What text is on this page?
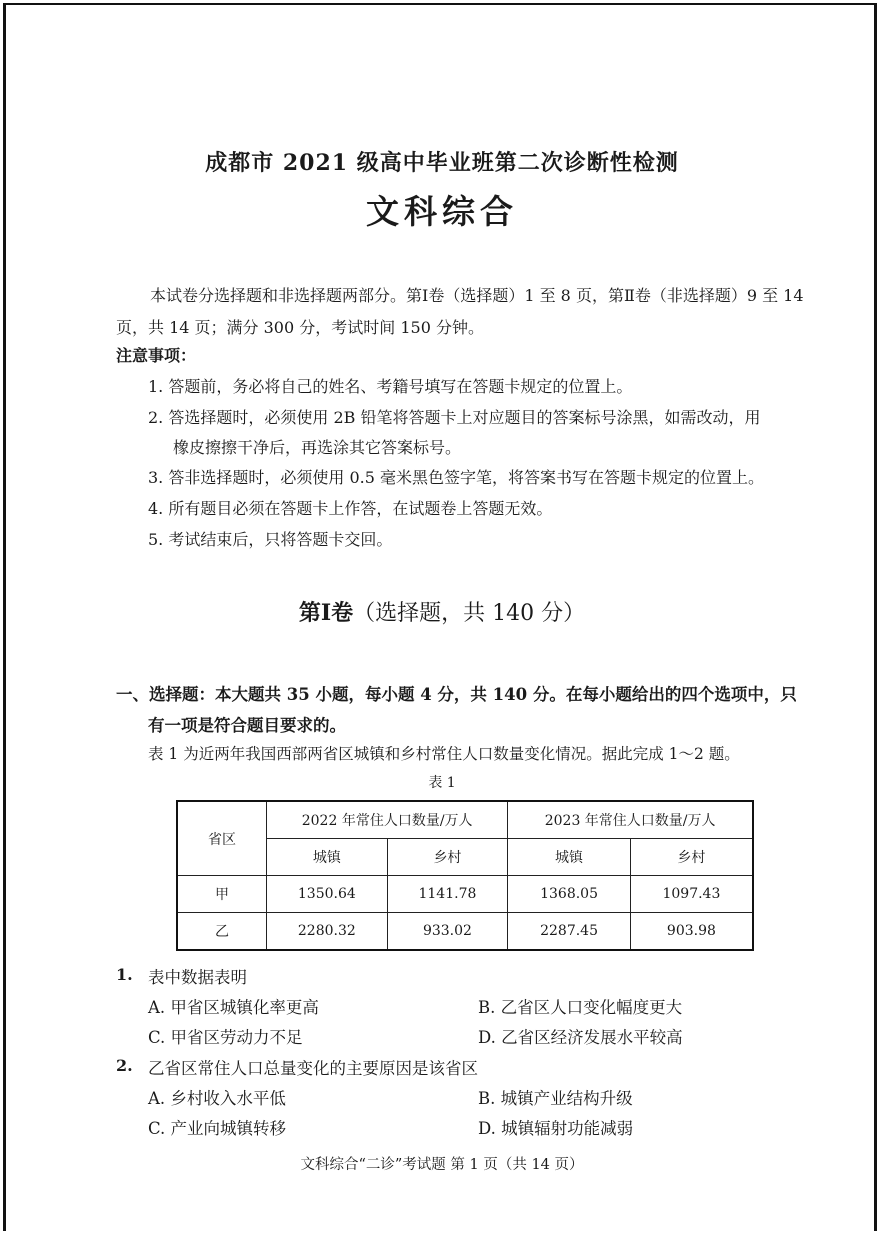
成都市 2021 级高中毕业班第二次诊断性检测
文科综合
本试卷分选择题和非选择题两部分。第Ⅰ卷（选择题）1 至 8 页，第Ⅱ卷（非选择题）9 至 14 页，共 14 页；满分 300 分，考试时间 150 分钟。
注意事项：
1. 答题前，务必将自己的姓名、考籍号填写在答题卡规定的位置上。
2. 答选择题时，必须使用 2B 铅笔将答题卡上对应题目的答案标号涂黑，如需改动，用
橡皮擦擦干净后，再选涂其它答案标号。
3. 答非选择题时，必须使用 0.5 毫米黑色签字笔，将答案书写在答题卡规定的位置上。
4. 所有题目必须在答题卡上作答，在试题卷上答题无效。
5. 考试结束后，只将答题卡交回。
第Ⅰ卷（选择题，共 140 分）
一、选择题：本大题共 35 小题，每小题 4 分，共 140 分。在每小题给出的四个选项中，只
有一项是符合题目要求的。
表 1 为近两年我国西部两省区城镇和乡村常住人口数量变化情况。据此完成 1～2 题。
表 1
省区	2022 年常住人口数量/万人		2023 年常住人口数量/万人	
	城镇	乡村	城镇	乡村
甲	1350.64	1141.78	1368.05	1097.43
乙	2280.32	933.02	2287.45	903.98
1. 表中数据表明
A. 甲省区城镇化率更高	B. 乙省区人口变化幅度更大
C. 甲省区劳动力不足	D. 乙省区经济发展水平较高
2. 乙省区常住人口总量变化的主要原因是该省区
A. 乡村收入水平低	B. 城镇产业结构升级
C. 产业向城镇转移	D. 城镇辐射功能减弱
文科综合“二诊”考试题 第 1 页（共 14 页）
